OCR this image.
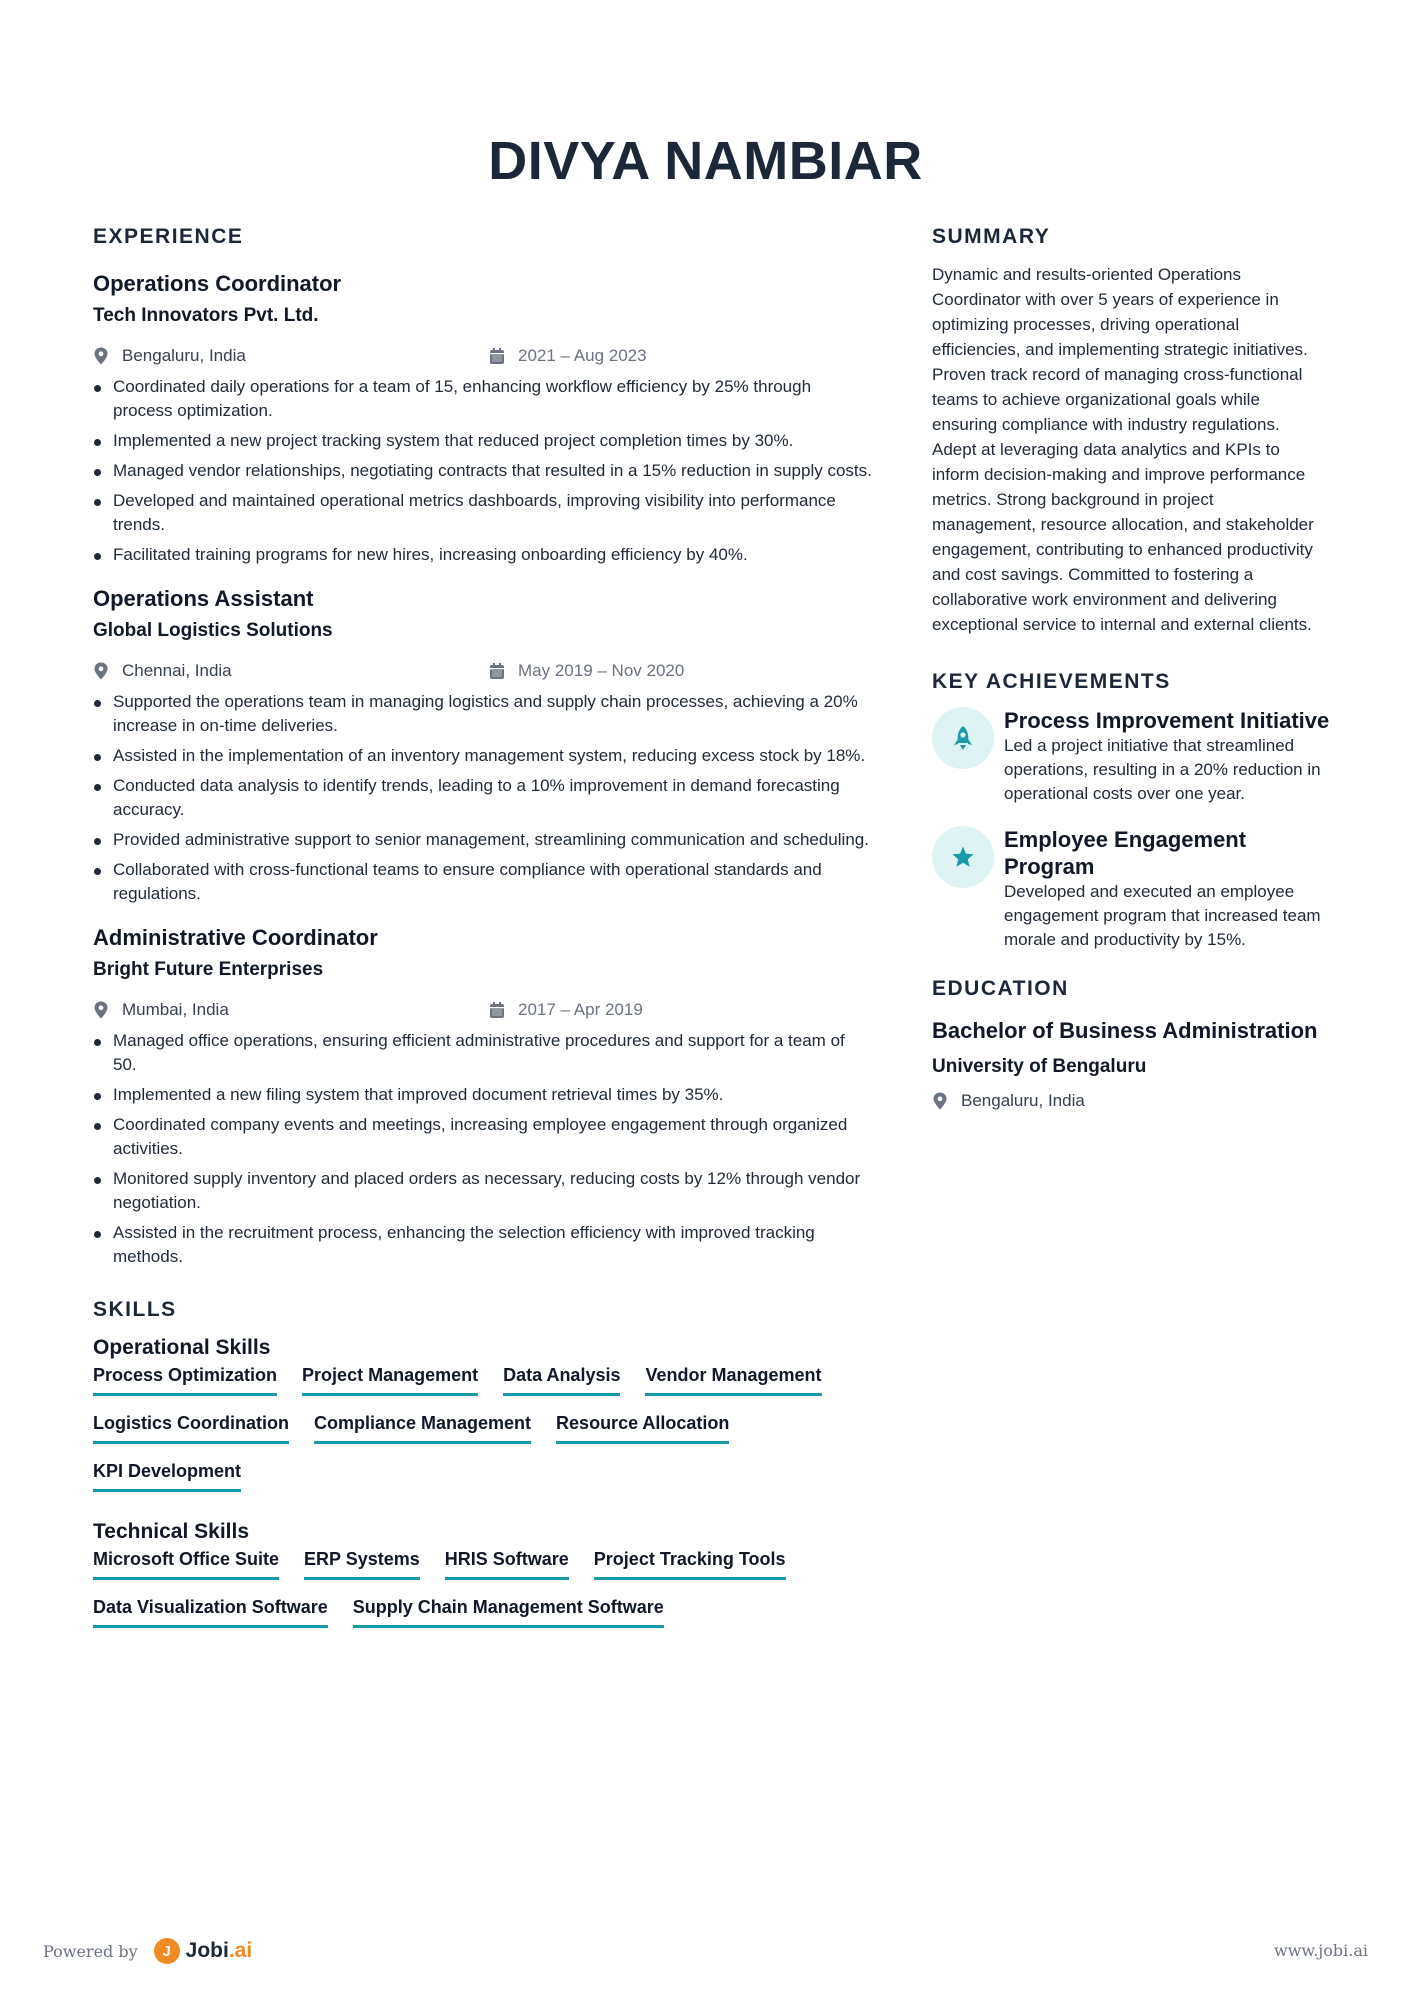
DIVYA NAMBIAR
EXPERIENCE
Operations Coordinator
Tech Innovators Pvt. Ltd.
Bengaluru, India	2021 – Aug 2023
Coordinated daily operations for a team of 15, enhancing workflow efficiency by 25% through process optimization.
Implemented a new project tracking system that reduced project completion times by 30%.
Managed vendor relationships, negotiating contracts that resulted in a 15% reduction in supply costs.
Developed and maintained operational metrics dashboards, improving visibility into performance trends.
Facilitated training programs for new hires, increasing onboarding efficiency by 40%.
Operations Assistant
Global Logistics Solutions
Chennai, India	May 2019 – Nov 2020
Supported the operations team in managing logistics and supply chain processes, achieving a 20% increase in on-time deliveries.
Assisted in the implementation of an inventory management system, reducing excess stock by 18%.
Conducted data analysis to identify trends, leading to a 10% improvement in demand forecasting accuracy.
Provided administrative support to senior management, streamlining communication and scheduling.
Collaborated with cross-functional teams to ensure compliance with operational standards and regulations.
Administrative Coordinator
Bright Future Enterprises
Mumbai, India	2017 – Apr 2019
Managed office operations, ensuring efficient administrative procedures and support for a team of 50.
Implemented a new filing system that improved document retrieval times by 35%.
Coordinated company events and meetings, increasing employee engagement through organized activities.
Monitored supply inventory and placed orders as necessary, reducing costs by 12% through vendor negotiation.
Assisted in the recruitment process, enhancing the selection efficiency with improved tracking methods.
SKILLS
Operational Skills
Process Optimization Project Management Data Analysis Vendor Management
Logistics Coordination Compliance Management Resource Allocation
KPI Development
Technical Skills
Microsoft Office Suite ERP Systems HRIS Software Project Tracking Tools
Data Visualization Software Supply Chain Management Software
SUMMARY

Dynamic and results-oriented Operations Coordinator with over 5 years of experience in optimizing processes, driving operational efficiencies, and implementing strategic initiatives. Proven track record of managing cross-functional teams to achieve organizational goals while ensuring compliance with industry regulations. Adept at leveraging data analytics and KPIs to inform decision-making and improve performance metrics. Strong background in project management, resource allocation, and stakeholder engagement, contributing to enhanced productivity and cost savings. Committed to fostering a collaborative work environment and delivering exceptional service to internal and external clients.

KEY ACHIEVEMENTS

Process Improvement Initiative

Led a project initiative that streamlined operations, resulting in a 20% reduction in operational costs over one year.

Employee Engagement Program

Developed and executed an employee engagement program that increased team morale and productivity by 15%.

EDUCATION

Bachelor of Business Administration

University of Bengaluru

Bengaluru, India
Powered by	J Jobi.ai	www.jobi.ai
